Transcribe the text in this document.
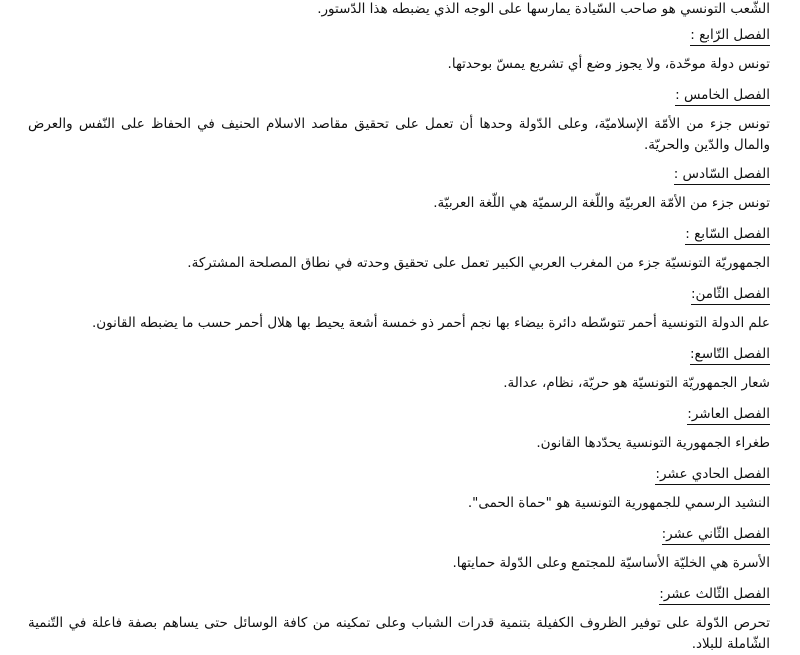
الشّعب التونسي هو صاحب السّيادة يمارسها على الوجه الذي يضبطه هذا الدّستور.
الفصل الرّابع :

تونس دولة موحّدة، ولا يجوز وضع أي تشريع يمسّ بوحدتها.

الفصل الخامس :

تونس جزء من الأمّة الإسلاميّة، وعلى الدّولة وحدها أن تعمل على تحقيق مقاصد الاسلام الحنيف في الحفاظ على النّفس والعرض والمال والدّين والحريّة.

الفصل السّادس :

تونس جزء من الأمّة العربيّة واللّغة الرسميّة هي اللّغة العربيّة.

الفصل السّابع :

الجمهوريّة التونسيّة جزء من المغرب العربي الكبير تعمل على تحقيق وحدته في نطاق المصلحة المشتركة.

الفصل الثّامن:

علم الدولة التونسية أحمر تتوسّطه دائرة بيضاء بها نجم أحمر ذو خمسة أشعة يحيط بها هلال أحمر حسب ما يضبطه القانون.

الفصل التّاسع:

شعار الجمهوريّة التونسيّة هو حريّة، نظام، عدالة.

الفصل العاشر:

طغراء الجمهورية التونسية يحدّدها القانون.

الفصل الحادي عشر:

النشيد الرسمي للجمهورية التونسية هو "حماة الحمى".

الفصل الثّاني عشر:

الأسرة هي الخليّة الأساسيّة للمجتمع وعلى الدّولة حمايتها.

الفصل الثّالث عشر:

تحرص الدّولة على توفير الظروف الكفيلة بتنمية قدرات الشباب وعلى تمكينه من كافة الوسائل حتى يساهم بصفة فاعلة في التّنمية الشّاملة للبلاد.
